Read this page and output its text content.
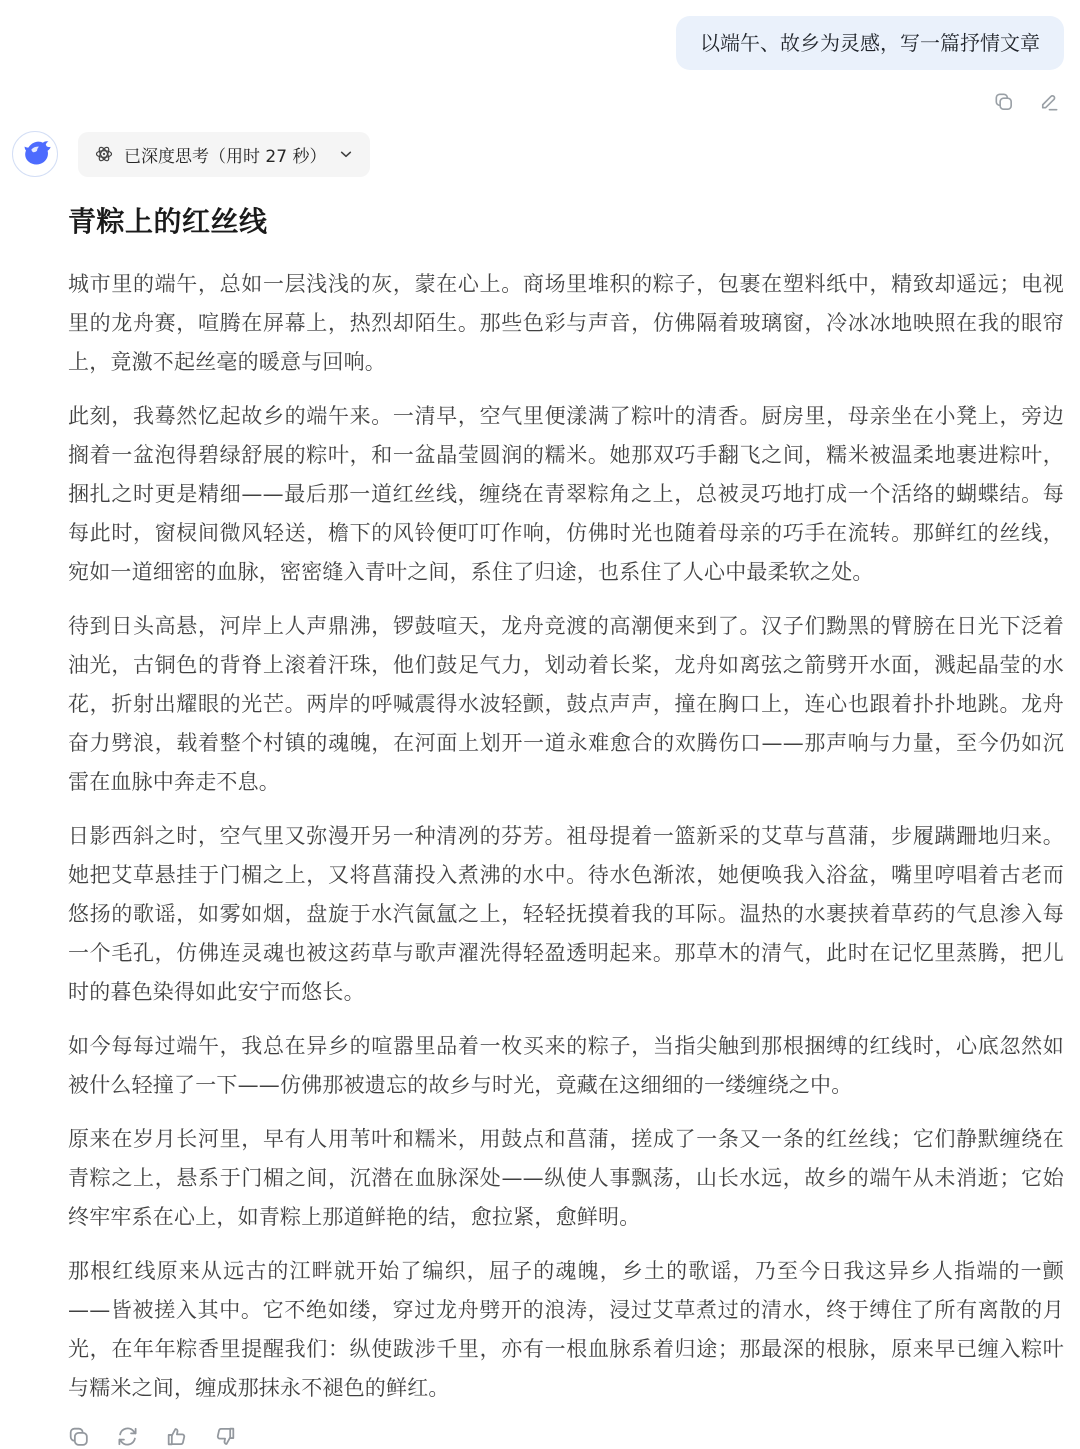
以端午、故乡为灵感，写一篇抒情文章
已深度思考（用时 27 秒）
青粽上的红丝线

城市里的端午，总如一层浅浅的灰，蒙在心上。商场里堆积的粽子，包裹在塑料纸中，精致却遥远；电视里的龙舟赛，喧腾在屏幕上，热烈却陌生。那些色彩与声音，仿佛隔着玻璃窗，冷冰冰地映照在我的眼帘上，竟激不起丝毫的暖意与回响。

此刻，我蓦然忆起故乡的端午来。一清早，空气里便漾满了粽叶的清香。厨房里，母亲坐在小凳上，旁边搁着一盆泡得碧绿舒展的粽叶，和一盆晶莹圆润的糯米。她那双巧手翻飞之间，糯米被温柔地裹进粽叶，捆扎之时更是精细——最后那一道红丝线，缠绕在青翠粽角之上，总被灵巧地打成一个活络的蝴蝶结。每每此时，窗棂间微风轻送，檐下的风铃便叮叮作响，仿佛时光也随着母亲的巧手在流转。那鲜红的丝线，宛如一道细密的血脉，密密缝入青叶之间，系住了归途，也系住了人心中最柔软之处。

待到日头高悬，河岸上人声鼎沸，锣鼓喧天，龙舟竞渡的高潮便来到了。汉子们黝黑的臂膀在日光下泛着油光，古铜色的背脊上滚着汗珠，他们鼓足气力，划动着长桨，龙舟如离弦之箭劈开水面，溅起晶莹的水花，折射出耀眼的光芒。两岸的呼喊震得水波轻颤，鼓点声声，撞在胸口上，连心也跟着扑扑地跳。龙舟奋力劈浪，载着整个村镇的魂魄，在河面上划开一道永难愈合的欢腾伤口——那声响与力量，至今仍如沉雷在血脉中奔走不息。

日影西斜之时，空气里又弥漫开另一种清冽的芬芳。祖母提着一篮新采的艾草与菖蒲，步履蹒跚地归来。她把艾草悬挂于门楣之上，又将菖蒲投入煮沸的水中。待水色渐浓，她便唤我入浴盆，嘴里哼唱着古老而悠扬的歌谣，如雾如烟，盘旋于水汽氤氲之上，轻轻抚摸着我的耳际。温热的水裹挟着草药的气息渗入每一个毛孔，仿佛连灵魂也被这药草与歌声濯洗得轻盈透明起来。那草木的清气，此时在记忆里蒸腾，把儿时的暮色染得如此安宁而悠长。

如今每每过端午，我总在异乡的喧嚣里品着一枚买来的粽子，当指尖触到那根捆缚的红线时，心底忽然如被什么轻撞了一下——仿佛那被遗忘的故乡与时光，竟藏在这细细的一缕缠绕之中。

原来在岁月长河里，早有人用苇叶和糯米，用鼓点和菖蒲，搓成了一条又一条的红丝线；它们静默缠绕在青粽之上，悬系于门楣之间，沉潜在血脉深处——纵使人事飘荡，山长水远，故乡的端午从未消逝；它始终牢牢系在心上，如青粽上那道鲜艳的结，愈拉紧，愈鲜明。

那根红线原来从远古的江畔就开始了编织，屈子的魂魄，乡土的歌谣，乃至今日我这异乡人指端的一颤——皆被搓入其中。它不绝如缕，穿过龙舟劈开的浪涛，浸过艾草煮过的清水，终于缚住了所有离散的月光，在年年粽香里提醒我们：纵使跋涉千里，亦有一根血脉系着归途；那最深的根脉，原来早已缠入粽叶与糯米之间，缠成那抹永不褪色的鲜红。
